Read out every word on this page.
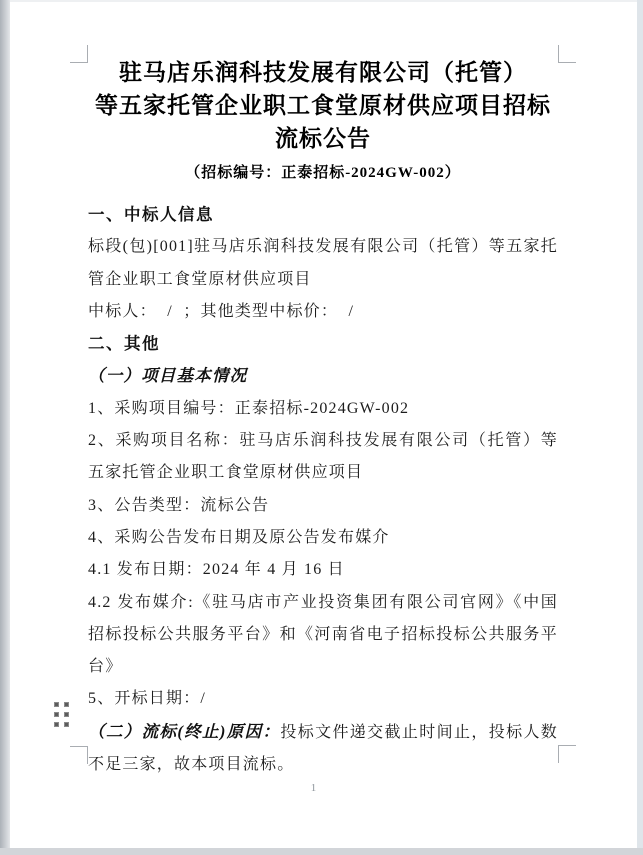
驻马店乐润科技发展有限公司（托管）
等五家托管企业职工食堂原材供应项目招标
流标公告
（招标编号：正泰招标-2024GW-002）

一、中标人信息

标段(包)[001]驻马店乐润科技发展有限公司（托管）等五家托管企业职工食堂原材供应项目

中标人：  /  ；其他类型中标价：  /

二、其他

（一）项目基本情况

1、采购项目编号：正泰招标-2024GW-002

2、采购项目名称：驻马店乐润科技发展有限公司（托管）等五家托管企业职工食堂原材供应项目

3、公告类型：流标公告

4、采购公告发布日期及原公告发布媒介

4.1 发布日期：2024 年 4 月 16 日

4.2 发布媒介:《驻马店市产业投资集团有限公司官网》《中国招标投标公共服务平台》和《河南省电子招标投标公共服务平台》

5、开标日期：/

（二）流标(终止)原因：投标文件递交截止时间止，投标人数不足三家，故本项目流标。

1
